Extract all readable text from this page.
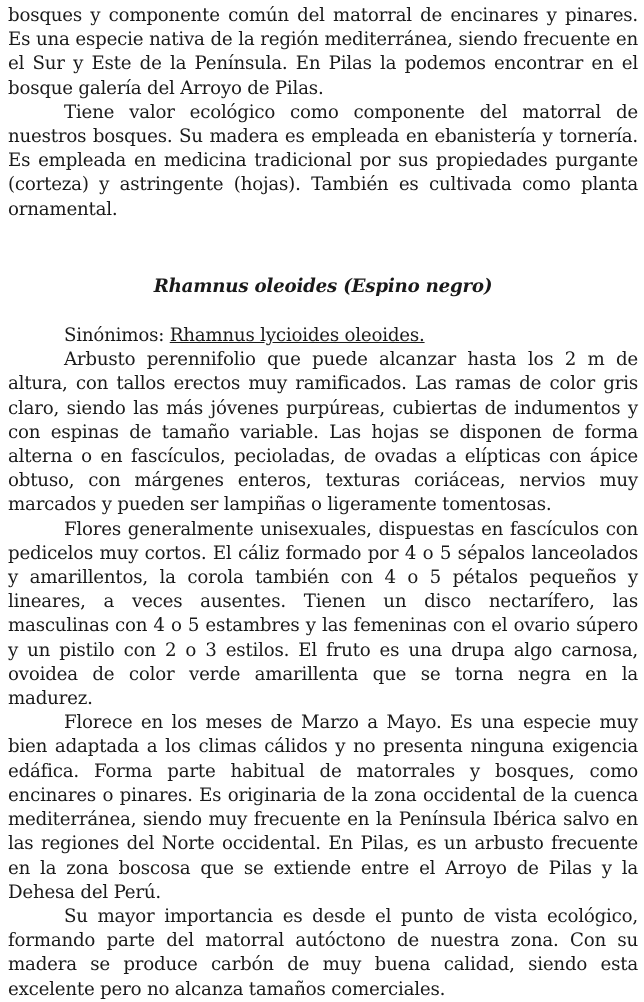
bosques y componente común del matorral de encinares y pinares. Es una especie nativa de la región mediterránea, siendo frecuente en el Sur y Este de la Península. En Pilas la podemos encontrar en el bosque galería del Arroyo de Pilas.

Tiene valor ecológico como componente del matorral de nuestros bosques. Su madera es empleada en ebanistería y tornería. Es empleada en medicina tradicional por sus propiedades purgante (corteza) y astringente (hojas). También es cultivada como planta ornamental.

Rhamnus oleoides (Espino negro)

Sinónimos: Rhamnus lycioides oleoides.

Arbusto perennifolio que puede alcanzar hasta los 2 m de altura, con tallos erectos muy ramificados. Las ramas de color gris claro, siendo las más jóvenes purpúreas, cubiertas de indumentos y con espinas de tamaño variable. Las hojas se disponen de forma alterna o en fascículos, pecioladas, de ovadas a elípticas con ápice obtuso, con márgenes enteros, texturas coriáceas, nervios muy marcados y pueden ser lampiñas o ligeramente tomentosas.

Flores generalmente unisexuales, dispuestas en fascículos con pedicelos muy cortos. El cáliz formado por 4 o 5 sépalos lanceolados y amarillentos, la corola también con 4 o 5 pétalos pequeños y lineares, a veces ausentes. Tienen un disco nectarífero, las masculinas con 4 o 5 estambres y las femeninas con el ovario súpero y un pistilo con 2 o 3 estilos. El fruto es una drupa algo carnosa, ovoidea de color verde amarillenta que se torna negra en la madurez.

Florece en los meses de Marzo a Mayo. Es una especie muy bien adaptada a los climas cálidos y no presenta ninguna exigencia edáfica. Forma parte habitual de matorrales y bosques, como encinares o pinares. Es originaria de la zona occidental de la cuenca mediterránea, siendo muy frecuente en la Península Ibérica salvo en las regiones del Norte occidental. En Pilas, es un arbusto frecuente en la zona boscosa que se extiende entre el Arroyo de Pilas y la Dehesa del Perú.

Su mayor importancia es desde el punto de vista ecológico, formando parte del matorral autóctono de nuestra zona. Con su madera se produce carbón de muy buena calidad, siendo esta excelente pero no alcanza tamaños comerciales.
